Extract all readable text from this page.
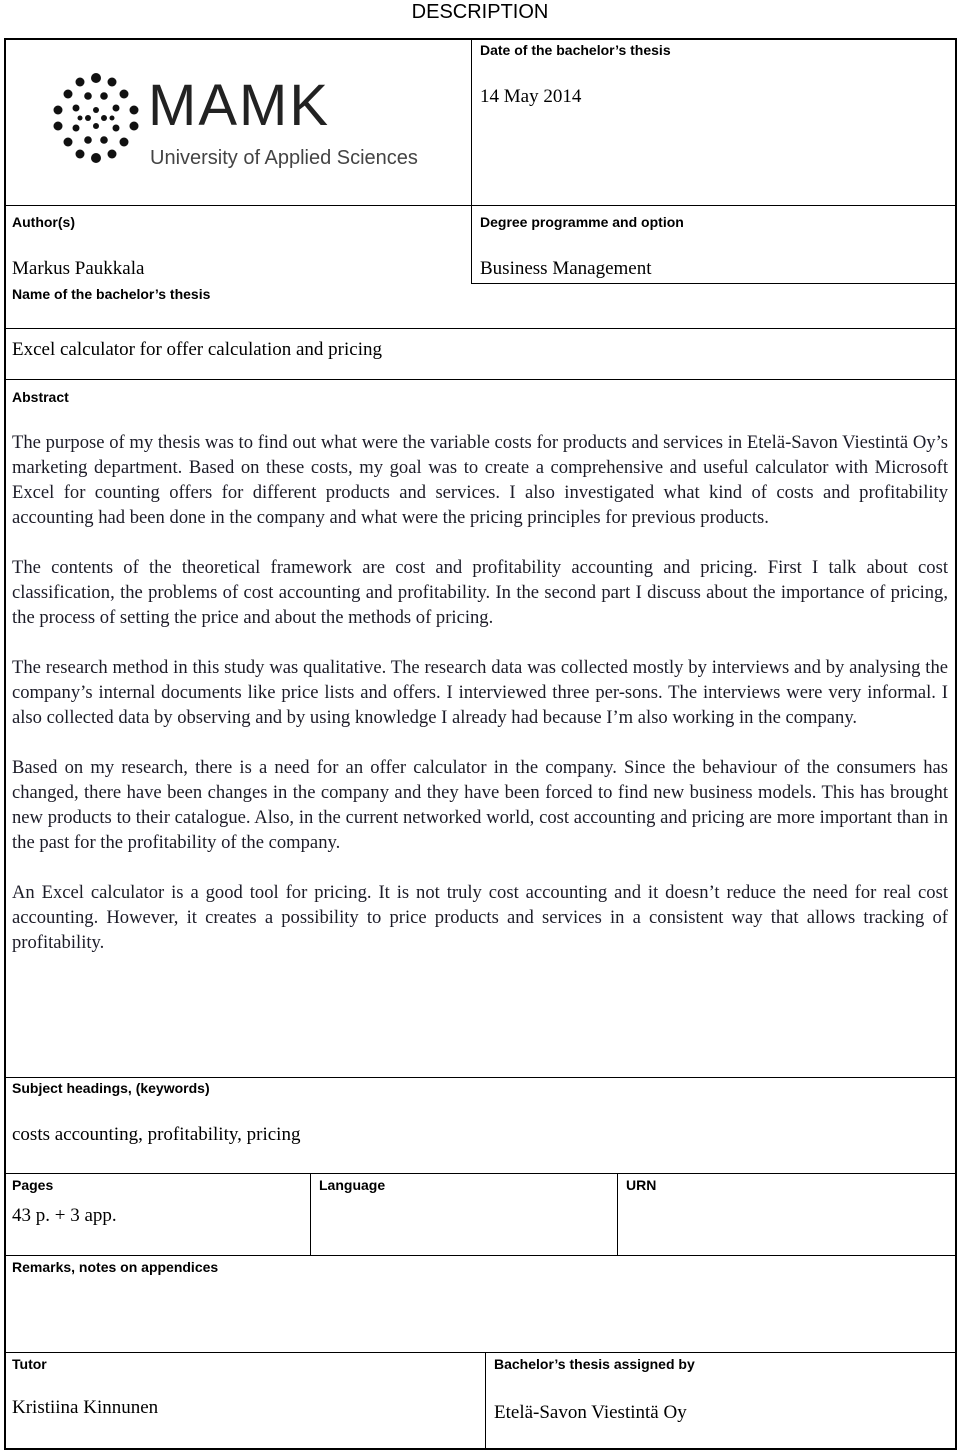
DESCRIPTION
MAMK
University of Applied Sciences
Date of the bachelor’s thesis
14 May 2014
Author(s)
Markus Paukkala
Degree programme and option
Business Management
Name of the bachelor’s thesis
Excel calculator for offer calculation and pricing
Abstract

The purpose of my thesis was to find out what were the variable costs for products and services in Etelä-Savon Viestintä Oy’s marketing department. Based on these costs, my goal was to create a comprehensive and useful calculator with Microsoft Excel for counting offers for different products and services. I also investigated what kind of costs and profitability accounting had been done in the company and what were the pricing principles for previous products.

The contents of the theoretical framework are cost and profitability accounting and pricing. First I talk about cost classification, the problems of cost accounting and profitability. In the second part I discuss about the importance of pricing, the process of setting the price and about the methods of pricing.

The research method in this study was qualitative. The research data was collected mostly by interviews and by analysing the company’s internal documents like price lists and offers. I interviewed three per-sons. The interviews were very informal. I also collected data by observing and by using knowledge I already had because I’m also working in the company.

Based on my research, there is a need for an offer calculator in the company. Since the behaviour of the consumers has changed, there have been changes in the company and they have been forced to find new business models. This has brought new products to their catalogue. Also, in the current networked world, cost accounting and pricing are more important than in the past for the profitability of the company.

An Excel calculator is a good tool for pricing. It is not truly cost accounting and it doesn’t reduce the need for real cost accounting. However, it creates a possibility to price products and services in a consistent way that allows tracking of profitability.

Subject headings, (keywords)
costs accounting, profitability, pricing
Pages
43 p. + 3 app.
Language	URN
Remarks, notes on appendices
Tutor
Kristiina Kinnunen
Bachelor’s thesis assigned by
Etelä-Savon Viestintä Oy
